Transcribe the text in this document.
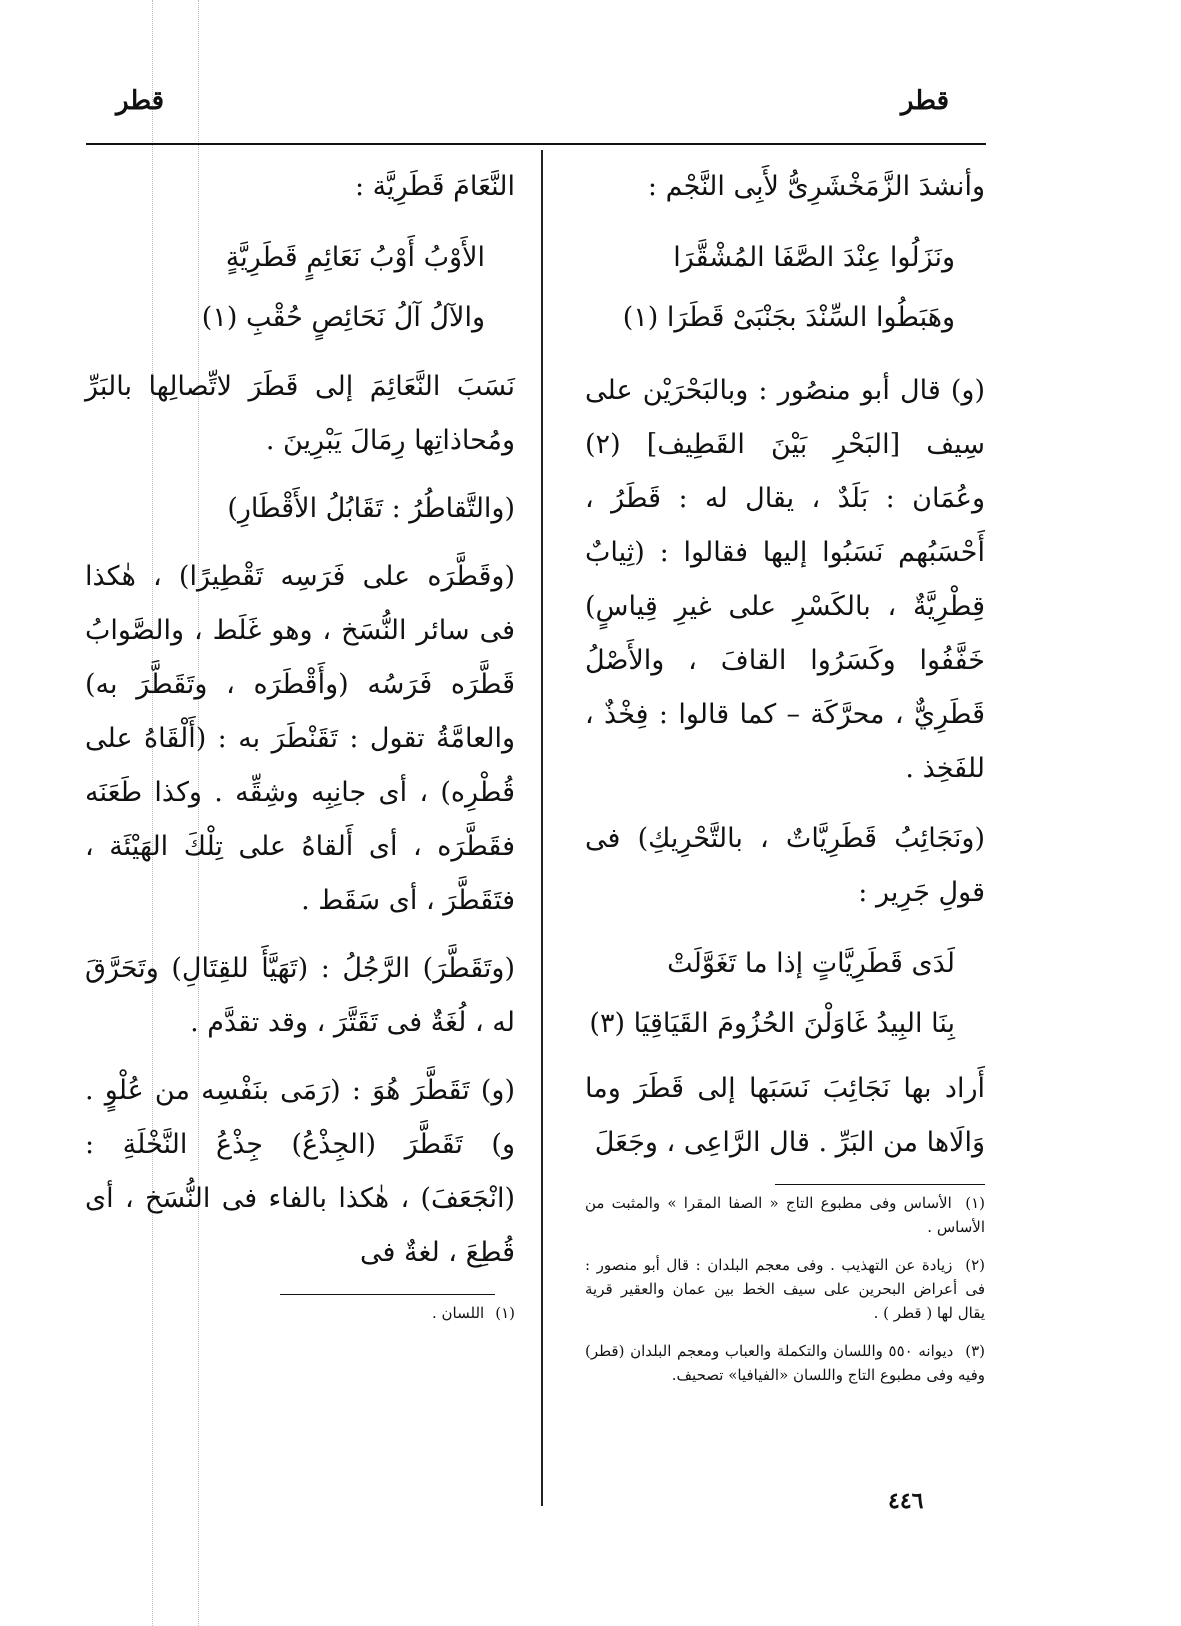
قطر
قطر

وأنشدَ الزَّمَخْشَرِىُّ لأَبِى النَّجْم :

ونَزَلُوا عِنْدَ الصَّفَا المُشْقَّرَا
وهَبَطُوا السِّنْدَ بجَنْبَىْ قَطَرَا (١)

(و) قال أبو منصُور : وبالبَحْرَيْن على سِيف [البَحْرِ بَيْنَ القَطِيف] (٢) وعُمَان : بَلَدٌ ، يقال له : قَطَرُ ، أَحْسَبُهم نَسَبُوا إليها فقالوا : (ثِيابٌ قِطْرِيَّةٌ ، بالكَسْرِ على غيرِ قِياسٍ) خَفَّفُوا وكَسَرُوا القافَ ، والأَصْلُ قَطَرِيٌّ ، محرَّكَة – كما قالوا : فِخْذٌ ، للفَخِذ .

(ونَجَائِبُ قَطَرِيَّاتٌ ، بالتَّحْرِيكِ) فى قولِ جَرِير :

لَدَى قَطَرِيَّاتٍ إذا ما تَغَوَّلَتْ
بِنَا البِيدُ غَاوَلْنَ الحُزُومَ القَيَاقِيَا (٣)

أَراد بها نَجَائِبَ نَسَبَها إلى قَطَرَ وما وَالَاها من البَرِّ . قال الرَّاعِى ، وجَعَلَ

(١) الأساس وفى مطبوع التاج « الصفا المقرا » والمثبت من الأساس .

(٢) زيادة عن التهذيب . وفى معجم البلدان : قال أبو منصور : فى أعراض البحرين على سيف الخط بين عمان والعقير قرية يقال لها ( قطر ) .

(٣) ديوانه ٥٥٠ واللسان والتكملة والعباب ومعجم البلدان (قطر) وفيه وفى مطبوع التاج واللسان «الفيافيا» تصحيف.

النَّعَامَ قَطَرِيَّة :

الأَوْبُ أَوْبُ نَعَائِمٍ قَطَرِيَّةٍ
والآلُ آلُ نَحَائِصٍ حُقْبِ (١)

نَسَبَ النَّعَائِمَ إلى قَطَرَ لاتِّصالِها بالبَرِّ ومُحاذاتِها رِمَالَ يَبْرِينَ .

(والتَّقاطُرُ : تَقَابُلُ الأَقْطَارِ)

(وقَطَّرَه على فَرَسِه تَقْطِيرًا) ، هٰكذا فى سائر النُّسَخ ، وهو غَلَط ، والصَّوابُ قَطَّرَه فَرَسُه (وأَقْطَرَه ، وتَقَطَّرَ به) والعامَّةُ تقول : تَقَنْطَرَ به : (أَلْقَاهُ على قُطْرِه) ، أى جانِبِه وشِقِّه . وكذا طَعَنَه فقَطَّرَه ، أى أَلقاهُ على تِلْكَ الهَيْئَة ، فتَقَطَّرَ ، أى سَقَط .

(وتَقَطَّرَ) الرَّجُلُ : (تَهَيَّأَ للقِتَالِ) وتَحَرَّقَ له ، لُغَةٌ فى تَقَتَّرَ ، وقد تقدَّم .

(و) تَقَطَّرَ هُوَ : (رَمَى بنَفْسِه من عُلْوٍ . و) تَقَطَّرَ (الجِذْعُ) جِذْعُ النَّخْلَةِ : (انْجَعَفَ) ، هٰكذا بالفاء فى النُّسَخ ، أى قُطِعَ ، لغةٌ فى

(١) اللسان .

٤٤٦
